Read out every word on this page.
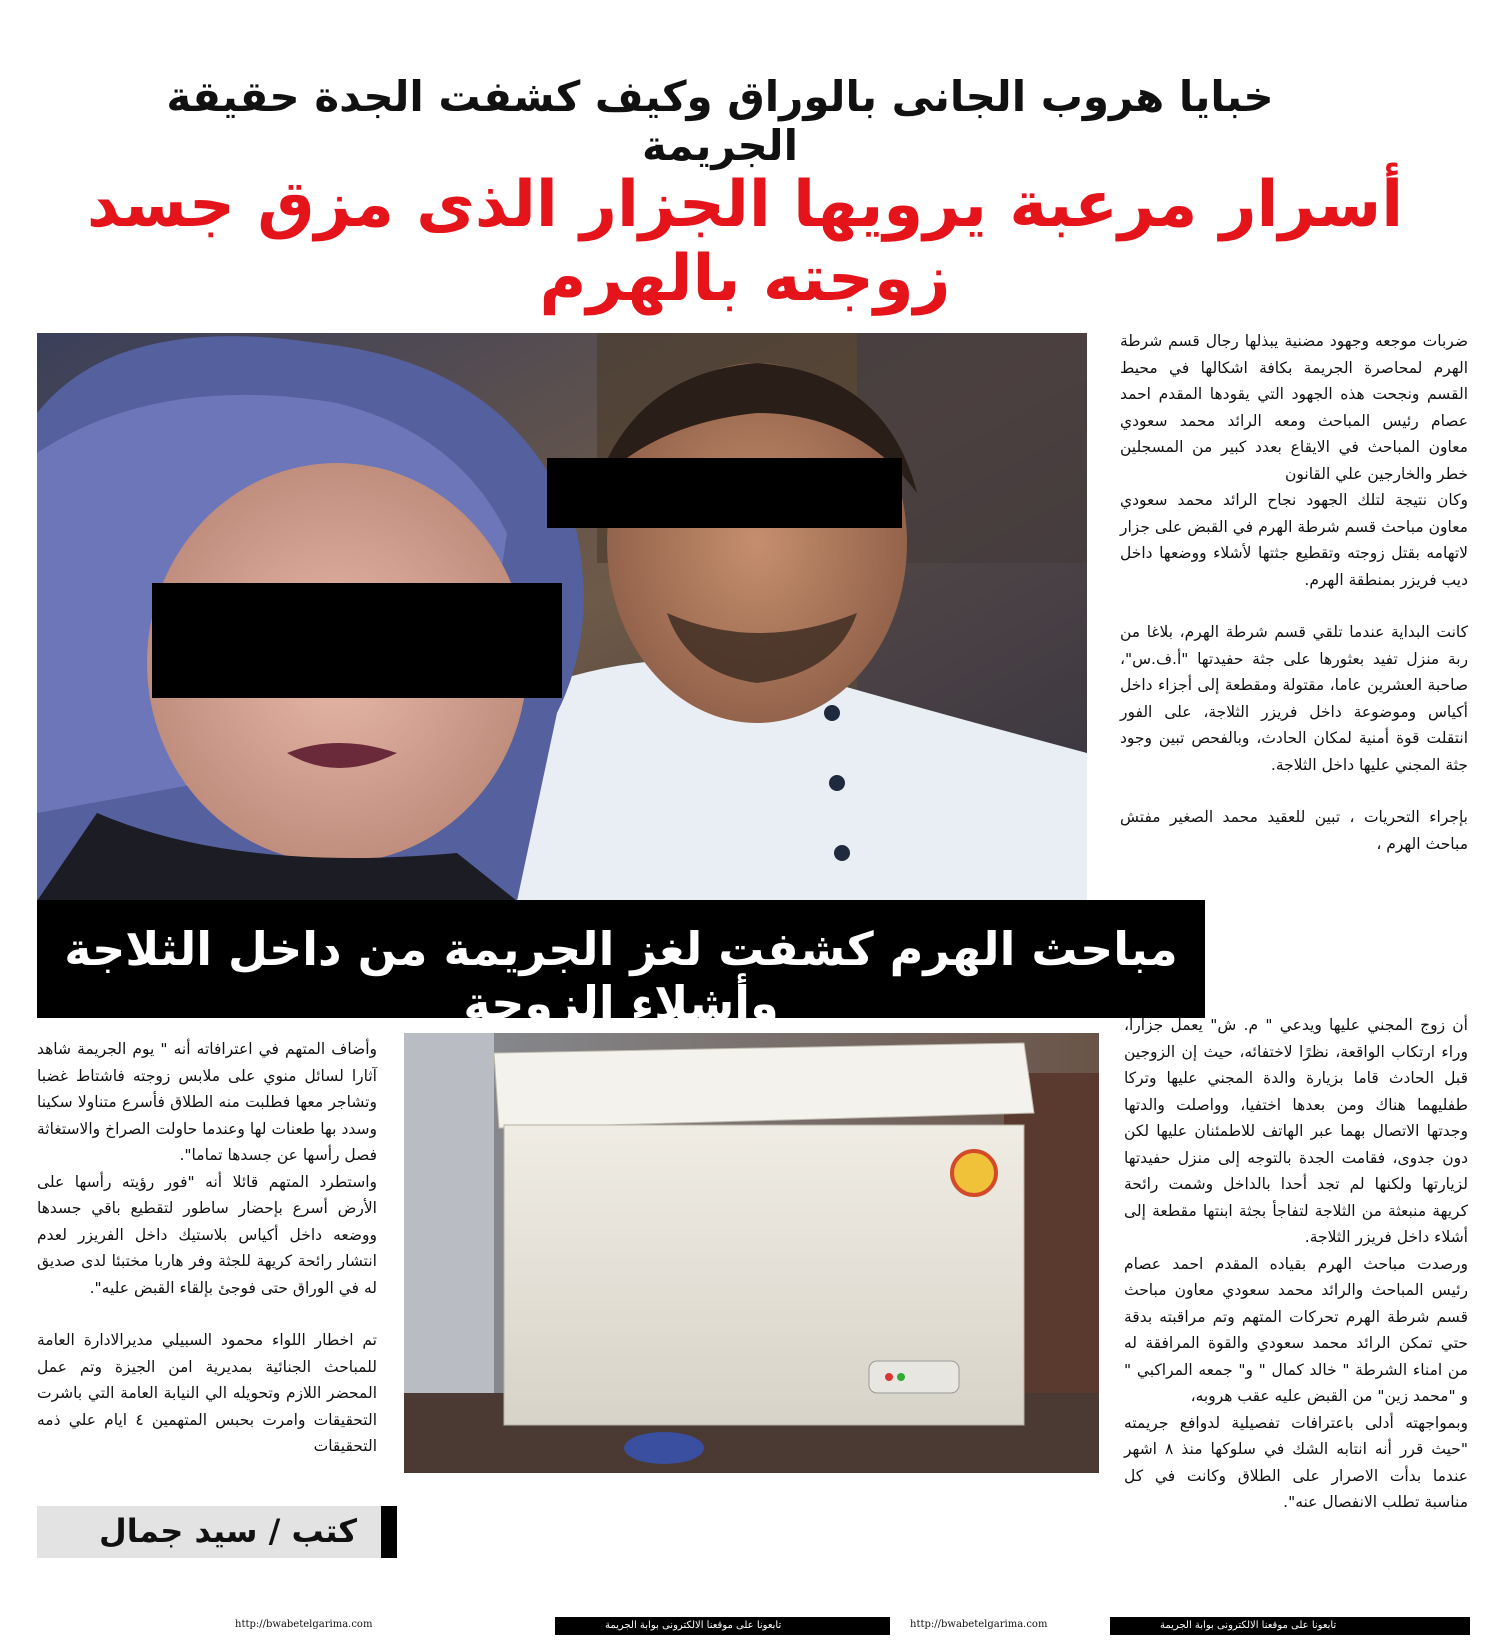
خبايا هروب الجانى بالوراق وكيف كشفت الجدة حقيقة الجريمة
أسرار مرعبة يرويها الجزار الذى مزق جسد زوجته بالهرم

ضربات موجعه وجهود مضنية يبذلها رجال قسم شرطة الهرم لمحاصرة الجريمة بكافة اشكالها في محيط القسم ونجحت هذه الجهود التي يقودها المقدم احمد عصام رئيس المباحث ومعه الرائد محمد سعودي معاون المباحث في الايقاع بعدد كبير من المسجلين خطر والخارجين علي القانون

وكان نتيجة لتلك الجهود نجاح الرائد محمد سعودي معاون مباحث قسم شرطة الهرم في القبض على جزار لاتهامه بقتل زوجته وتقطيع جثتها لأشلاء ووضعها داخل ديب فريزر بمنطقة الهرم.

كانت البداية عندما تلقي قسم شرطة الهرم، بلاغا من ربة منزل تفيد بعثورها على جثة حفيدتها "أ.ف.س"، صاحبة العشرين عاما، مقتولة ومقطعة إلى أجزاء داخل أكياس وموضوعة داخل فريزر الثلاجة، على الفور انتقلت قوة أمنية لمكان الحادث، وبالفحص تبين وجود جثة المجني عليها داخل الثلاجة.

بإجراء التحريات ، تبين للعقيد محمد الصغير مفتش مباحث الهرم ،

مباحث الهرم كشفت لغز الجريمة من داخل الثلاجة وأشلاء الزوجة	أن زوج المجني عليها ويدعي " م. ش" يعمل جزارا، وراء ارتكاب الواقعة، نظرًا لاختفائه، حيث إن الزوجين قبل الحادث قاما بزيارة والدة المجني عليها وتركا طفليهما هناك ومن بعدها اختفيا، وواصلت والدتها وجدتها الاتصال بهما عبر الهاتف للاطمئنان عليها لكن دون جدوى، فقامت الجدة بالتوجه إلى منزل حفيدتها لزيارتها ولكنها لم تجد أحدا بالداخل وشمت رائحة كريهة منبعثة من الثلاجة لتفاجأ بجثة ابنتها مقطعة إلى أشلاء داخل فريزر الثلاجة.

ورصدت مباحث الهرم بقياده المقدم احمد عصام رئيس المباحث والرائد محمد سعودي معاون مباحث قسم شرطة الهرم تحركات المتهم وتم مراقبته بدقة حتي تمكن الرائد محمد سعودي والقوة المرافقة له من امناء الشرطة " خالد كمال " و" جمعه المراكبي " و "محمد زين" من القبض عليه عقب هروبه،

وبمواجهته أدلى باعترافات تفصيلية لدوافع جريمته "حيث قرر أنه انتابه الشك في سلوكها منذ ٨ اشهر عندما بدأت الاصرار على الطلاق وكانت في كل مناسبة تطلب الانفصال عنه".

وأضاف المتهم في اعترافاته أنه " يوم الجريمة شاهد آثارا لسائل منوي على ملابس زوجته فاشتاط غضبا وتشاجر معها فطلبت منه الطلاق فأسرع متناولا سكينا وسدد بها طعنات لها وعندما حاولت الصراخ والاستغاثة فصل رأسها عن جسدها تماما".

واستطرد المتهم قائلا أنه "فور رؤيته رأسها على الأرض أسرع بإحضار ساطور لتقطيع باقي جسدها ووضعه داخل أكياس بلاستيك داخل الفريزر لعدم انتشار رائحة كريهة للجثة وفر هاربا مختبئا لدى صديق له في الوراق حتى فوجئ بإلقاء القبض عليه".

تم اخطار اللواء محمود السبيلي مديرالادارة العامة للمباحث الجنائية بمديرية امن الجيزة وتم عمل المحضر اللازم وتحويله الي النيابة العامة التي باشرت التحقيقات وامرت بحبس المتهمين ٤ ايام علي ذمه التحقيقات

كتب / سيد جمال
http://bwabetelgarima.com	http://bwabetelgarima.com	تابعونا على موقعنا الالكترونى بوابة الجريمة
تابعونا على موقعنا الالكترونى بوابة الجريمة
